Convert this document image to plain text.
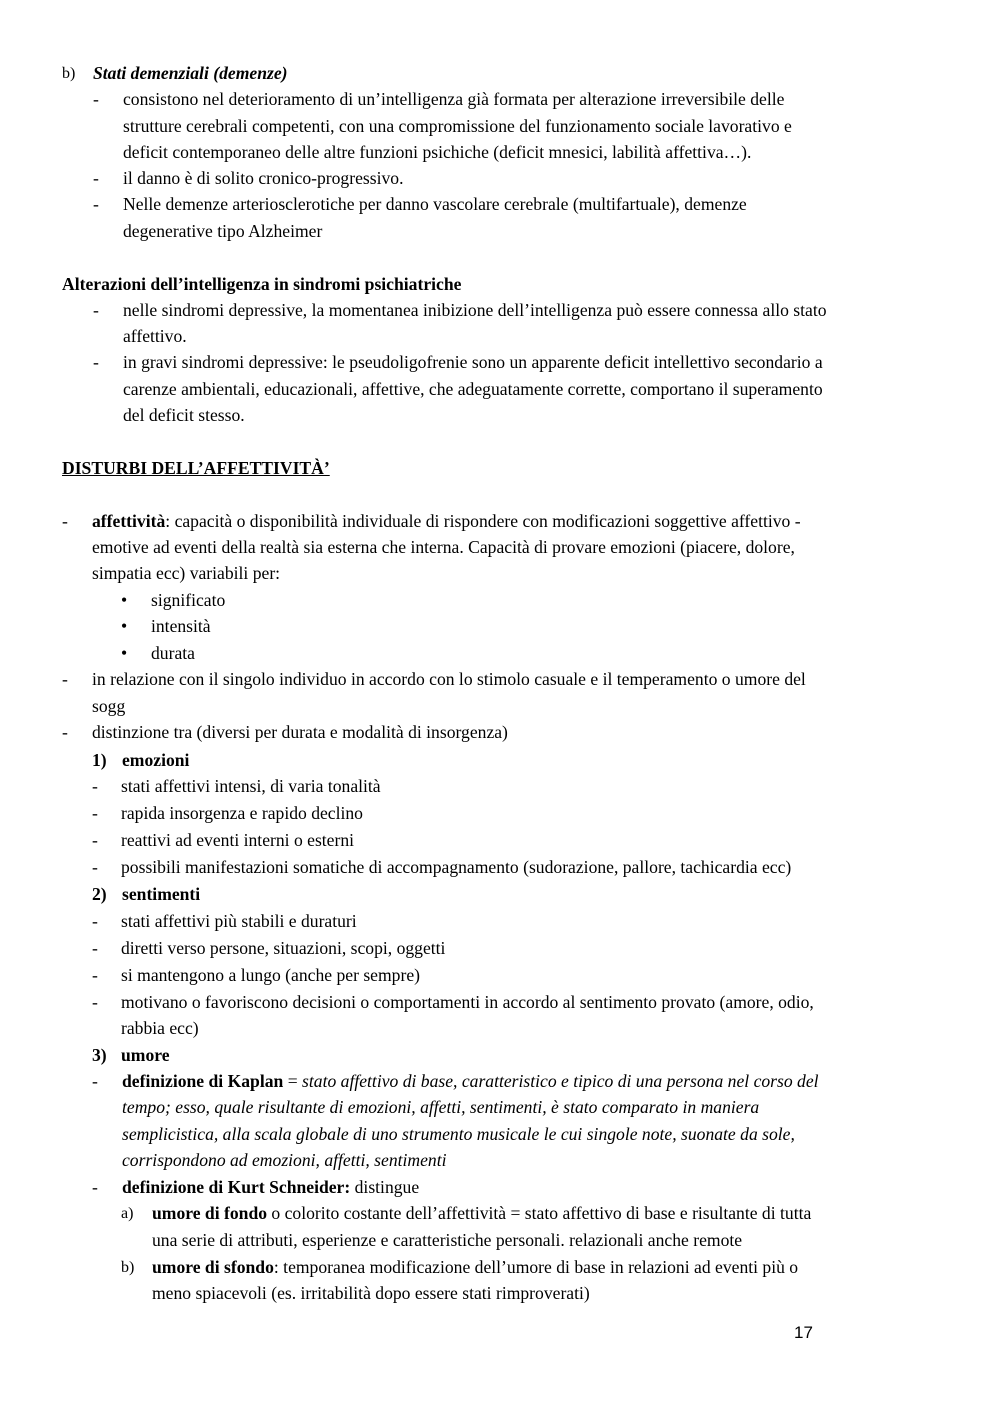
· · · ·
b) Stati demenziali (demenze)
- consistono nel deterioramento di un’intelligenza già formata per alterazione irreversibile delle
strutture cerebrali competenti, con una compromissione del funzionamento sociale lavorativo e
deficit contemporaneo delle altre funzioni psichiche (deficit mnesici, labilità affettiva…).
- il danno è di solito cronico-progressivo.
- Nelle demenze arteriosclerotiche per danno vascolare cerebrale (multifartuale), demenze
degenerative tipo Alzheimer
Alterazioni dell’intelligenza in sindromi psichiatriche
- nelle sindromi depressive, la momentanea inibizione dell’intelligenza può essere connessa allo stato
affettivo.
- in gravi sindromi depressive: le pseudoligofrenie sono un apparente deficit intellettivo secondario a
carenze ambientali, educazionali, affettive, che adeguatamente corrette, comportano il superamento
del deficit stesso.
DISTURBI DELL’AFFETTIVITÀ’
- affettività: capacità o disponibilità individuale di rispondere con modificazioni soggettive affettivo -
emotive ad eventi della realtà sia esterna che interna. Capacità di provare emozioni (piacere, dolore,
simpatia ecc) variabili per:
• significato
• intensità
• durata
- in relazione con il singolo individuo in accordo con lo stimolo casuale e il temperamento o umore del
sogg
- distinzione tra (diversi per durata e modalità di insorgenza)
1) emozioni
- stati affettivi intensi, di varia tonalità
- rapida insorgenza e rapido declino
- reattivi ad eventi interni o esterni
- possibili manifestazioni somatiche di accompagnamento (sudorazione, pallore, tachicardia ecc)
2) sentimenti
- stati affettivi più stabili e duraturi
- diretti verso persone, situazioni, scopi, oggetti
- si mantengono a lungo (anche per sempre)
- motivano o favoriscono decisioni o comportamenti in accordo al sentimento provato (amore, odio,
rabbia ecc)
3) umore
- definizione di Kaplan = stato affettivo di base, caratteristico e tipico di una persona nel corso del
tempo; esso, quale risultante di emozioni, affetti, sentimenti, è stato comparato in maniera
semplicistica, alla scala globale di uno strumento musicale le cui singole note, suonate da sole,
corrispondono ad emozioni, affetti, sentimenti
- definizione di Kurt Schneider: distingue
a) umore di fondo o colorito costante dell’affettività = stato affettivo di base e risultante di tutta
una serie di attributi, esperienze e caratteristiche personali. relazionali anche remote
b) umore di sfondo: temporanea modificazione dell’umore di base in relazioni ad eventi più o
meno spiacevoli (es. irritabilità dopo essere stati rimproverati)
17
